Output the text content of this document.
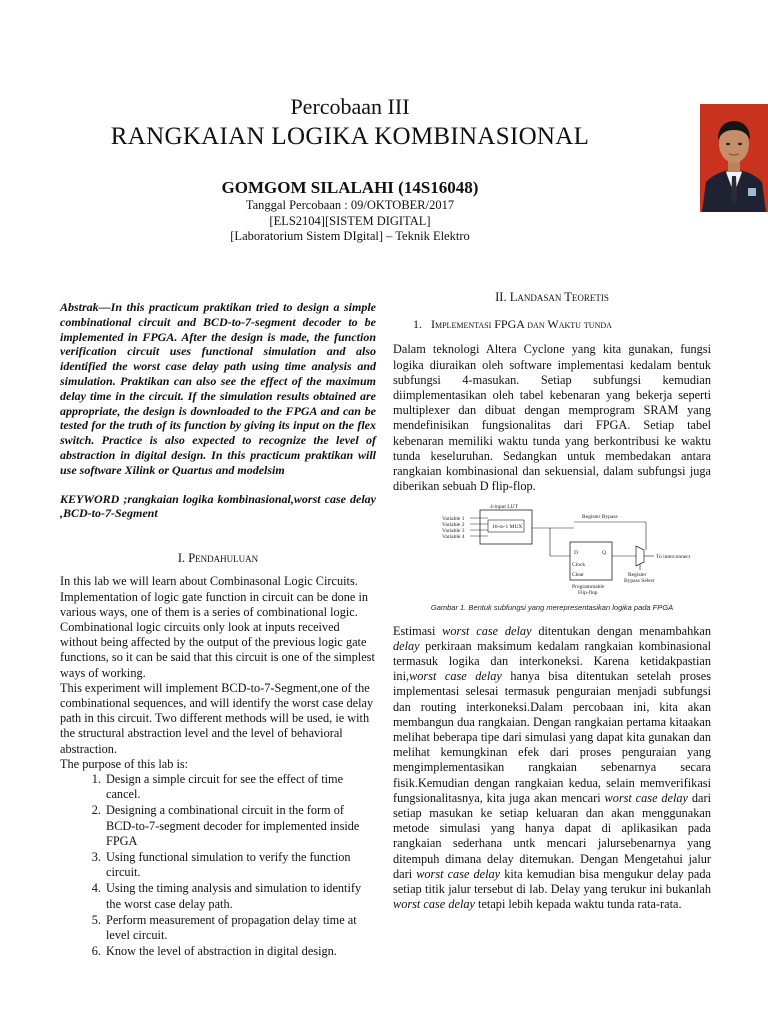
Percobaan III
RANGKAIAN LOGIKA KOMBINASIONAL
GOMGOM SILALAHI (14S16048)
Tanggal Percobaan : 09/OKTOBER/2017
[ELS2104][SISTEM DIGITAL]
[Laboratorium Sistem DIgital] – Teknik Elektro

Abstrak—In this practicum praktikan tried to design a simple combinational circuit and BCD-to-7-segment decoder to be implemented in FPGA. After the design is made, the function verification circuit uses functional simulation and also identified the worst case delay path using time analysis and simulation. Praktikan can also see the effect of the maximum delay time in the circuit. If the simulation results obtained are appropriate, the design is downloaded to the FPGA and can be tested for the truth of its function by giving its input on the flex switch. Practice is also expected to recognize the level of abstraction in digital design. In this practicum praktikan will use software Xilink or Quartus and modelsim

KEYWORD ;rangkaian logika kombinasional,worst case delay ,BCD-to-7-Segment

I. Pendahuluan

In this lab we will learn about Combinasonal Logic Circuits. Implementation of logic gate function in circuit can be done in various ways, one of them is a series of combinational logic. Combinational logic circuits only look at inputs received without being affected by the output of the previous logic gate functions, so it can be said that this circuit is one of the simplest ways of working.

This experiment will implement BCD-to-7-Segment,one of the combinational sequences, and will identify the worst case delay path in this circuit. Two different methods will be used, ie with the structural abstraction level and the level of behavioral abstraction.

The purpose of this lab is:

1. Design a simple circuit for see the effect of time cancel.
2. Designing a combinational circuit in the form of BCD-to-7-segment decoder for implemented inside FPGA
3. Using functional simulation to verify the function circuit.
4. Using the timing analysis and simulation to identify the worst case delay path.
5. Perform measurement of propagation delay time at level circuit.
6. Know the level of abstraction in digital design.
II. Landasan Teoretis
1. Implementasi FPGA dan Waktu tunda

Dalam teknologi Altera Cyclone yang kita gunakan, fungsi logika diuraikan oleh software implementasi kedalam bentuk subfungsi 4-masukan. Setiap subfungsi kemudian diimplementasikan oleh tabel kebenaran yang bekerja seperti multiplexer dan dibuat dengan memprogram SRAM yang mendefinisikan fungsionalitas dari FPGA. Setiap tabel kebenaran memiliki waktu tunda yang berkontribusi ke waktu tunda keseluruhan. Sedangkan untuk membedakan antara rangkaian kombinasional dan sekuensial, dalam subfungsi juga diberikan sebuah D flip-flop.

4-input LUT
16-to-1 MUX
Variable 1
Variable 2
Variable 3
Variable 4
Register Bypass
D	Q
Clock
Clear
Programmable
Flip-flop
To interconnect
Register
Bypass Select
Gambar 1. Bentuk subfungsi yang merepresentasikan logika pada FPGA

Estimasi worst case delay ditentukan dengan menambahkan delay perkiraan maksimum kedalam rangkaian kombinasional termasuk logika dan interkoneksi. Karena ketidakpastian ini,worst case delay hanya bisa ditentukan setelah proses implementasi selesai termasuk penguraian menjadi subfungsi dan routing interkoneksi.Dalam percobaan ini, kita akan membangun dua rangkaian. Dengan rangkaian pertama kitaakan melihat beberapa tipe dari simulasi yang dapat kita gunakan dan melihat kemungkinan efek dari proses penguraian yang mengimplementasikan rangkaian sebenarnya secara fisik.Kemudian dengan rangkaian kedua, selain memverifikasi fungsionalitasnya, kita juga akan mencari worst case delay dari setiap masukan ke setiap keluaran dan akan menggunakan metode simulasi yang hanya dapat di aplikasikan pada rangkaian sederhana untk mencari jalursebenarnya yang ditempuh dimana delay ditemukan. Dengan Mengetahui jalur dari worst case delay kita kemudian bisa mengukur delay pada setiap titik jalur tersebut di lab. Delay yang terukur ini bukanlah worst case delay tetapi lebih kepada waktu tunda rata-rata.
